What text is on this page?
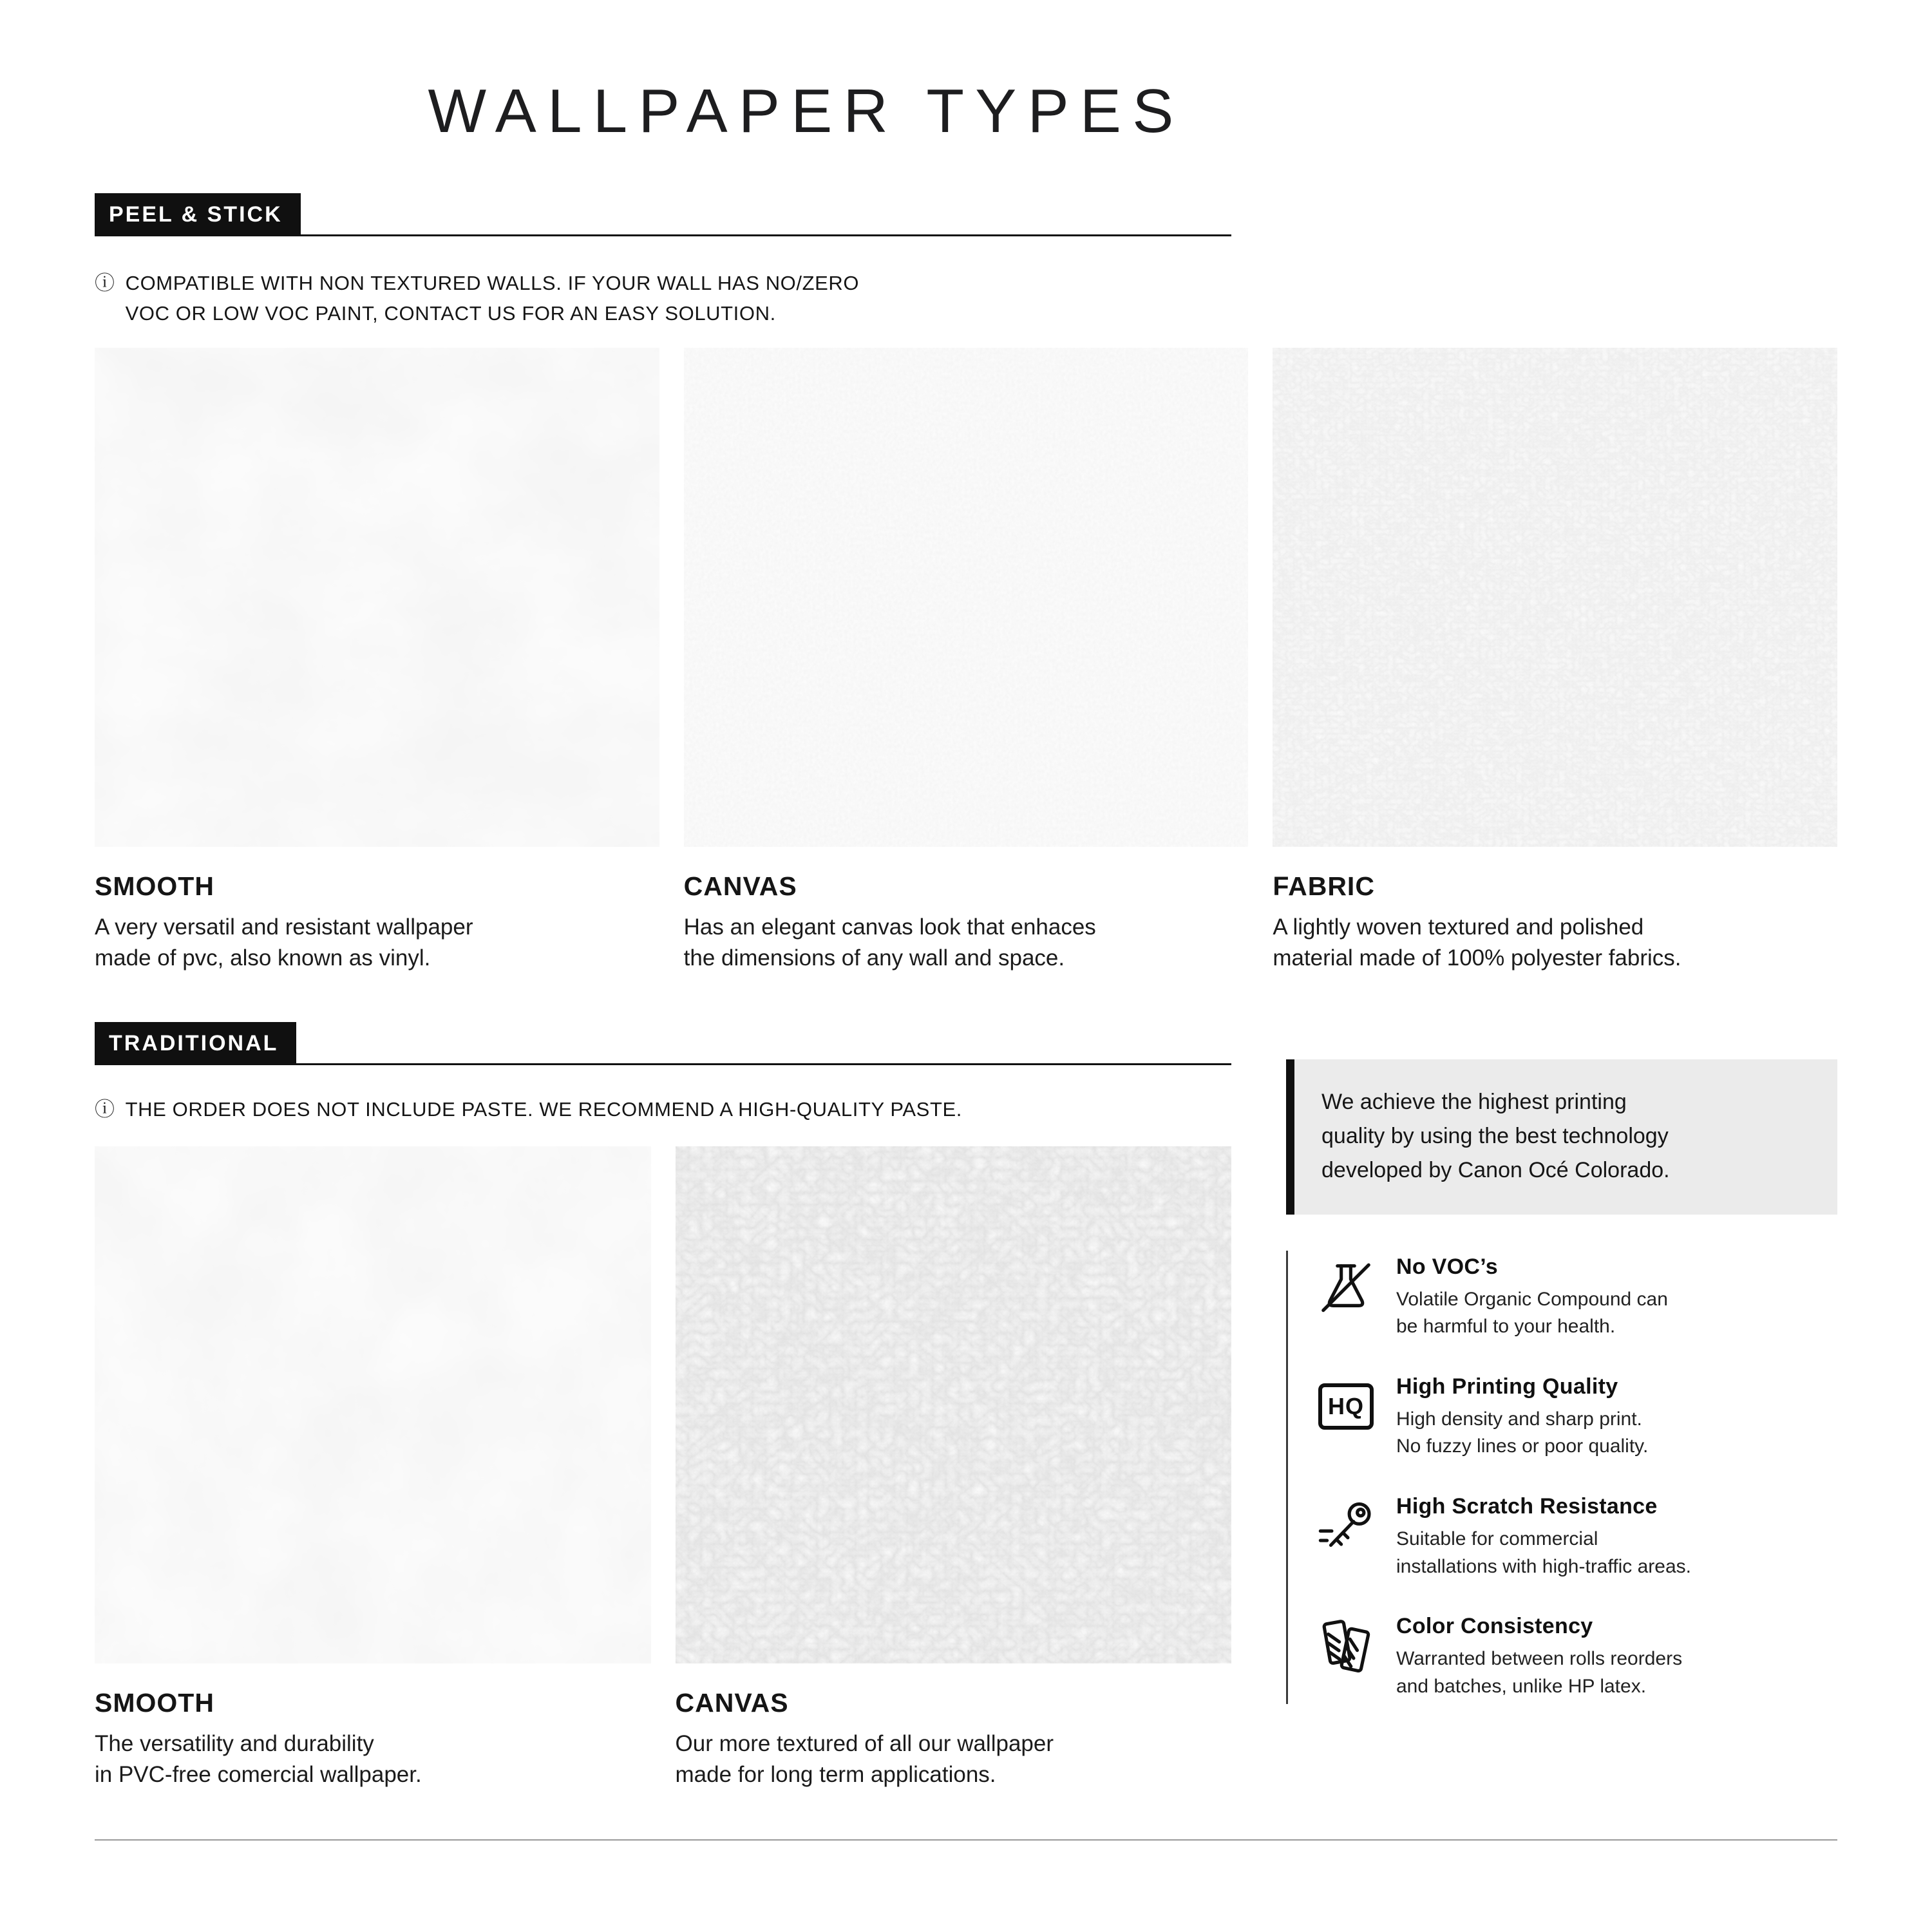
WALLPAPER TYPES
PEEL & STICK
ⓘ COMPATIBLE WITH NON TEXTURED WALLS. IF YOUR WALL HAS NO/ZERO
VOC OR LOW VOC PAINT, CONTACT US FOR AN EASY SOLUTION.
SMOOTH
A very versatil and resistant wallpaper
made of pvc, also known as vinyl.
CANVAS
Has an elegant canvas look that enhaces
the dimensions of any wall and space.
FABRIC
A lightly woven textured and polished
material made of 100% polyester fabrics.
TRADITIONAL
ⓘ THE ORDER DOES NOT INCLUDE PASTE. WE RECOMMEND A HIGH-QUALITY PASTE.
SMOOTH
The versatility and durability
in PVC-free comercial wallpaper.
CANVAS
Our more textured of all our wallpaper
made for long term applications.
We achieve the highest printing
quality by using the best technology
developed by Canon Océ Colorado.
No VOC’s
Volatile Organic Compound can
be harmful to your health.
HQ
High Printing Quality
High density and sharp print.
No fuzzy lines or poor quality.
High Scratch Resistance
Suitable for commercial
installations with high-traffic areas.
Color Consistency
Warranted between rolls reorders
and batches, unlike HP latex.
